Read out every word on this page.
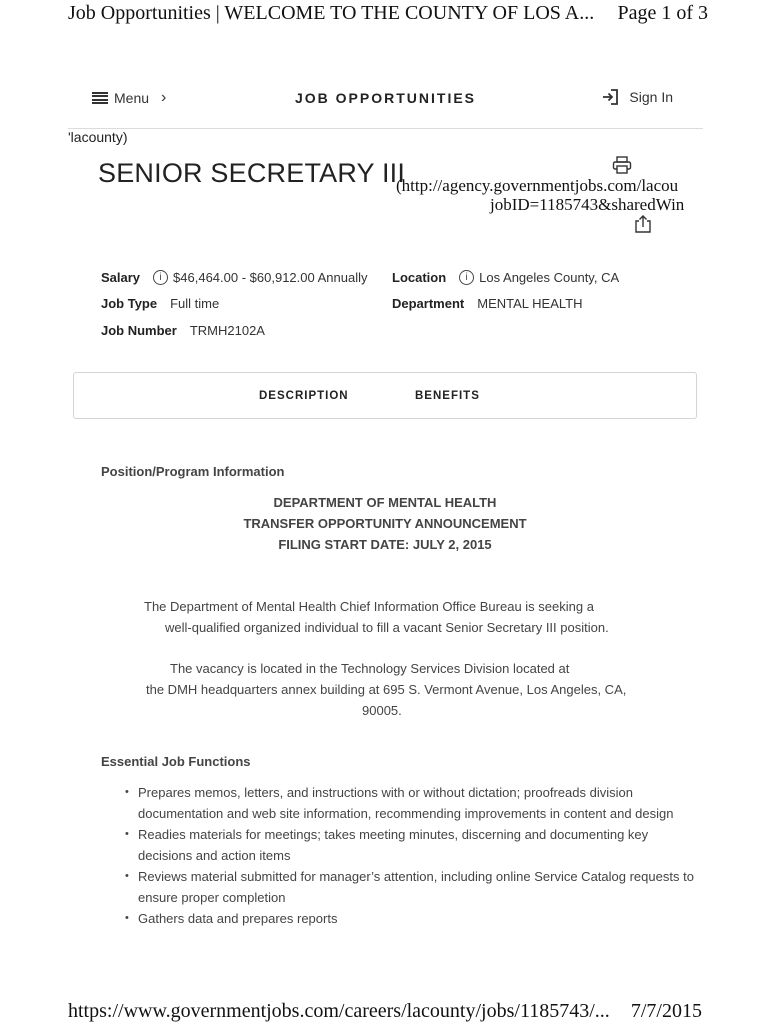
Job Opportunities | WELCOME TO THE COUNTY OF LOS A... Page 1 of 3
Menu ›	JOB OPPORTUNITIES	Sign In
'lacounty)
SENIOR SECRETARY III
(http://agency.governmentjobs.com/lacou
jobID=1185743&sharedWin
Salary	i $46,464.00 - $60,912.00 Annually Location	i Los Angeles County, CA
Job Type Full time	Department MENTAL HEALTH
Job Number TRMH2102A
DESCRIPTION	BENEFITS
Position/Program Information
DEPARTMENT OF MENTAL HEALTH
TRANSFER OPPORTUNITY ANNOUNCEMENT
FILING START DATE: JULY 2, 2015
The Department of Mental Health Chief Information Office Bureau is seeking a
well-qualified organized individual to fill a vacant Senior Secretary III position.
The vacancy is located in the Technology Services Division located at
the DMH headquarters annex building at 695 S. Vermont Avenue, Los Angeles, CA,
90005.
Essential Job Functions
• Prepares memos, letters, and instructions with or without dictation; proofreads division documentation and web site information, recommending improvements in content and design
• Readies materials for meetings; takes meeting minutes, discerning and documenting key decisions and action items
• Reviews material submitted for manager’s attention, including online Service Catalog requests to ensure proper completion
• Gathers data and prepares reports
https://www.governmentjobs.com/careers/lacounty/jobs/1185743/... 7/7/2015
